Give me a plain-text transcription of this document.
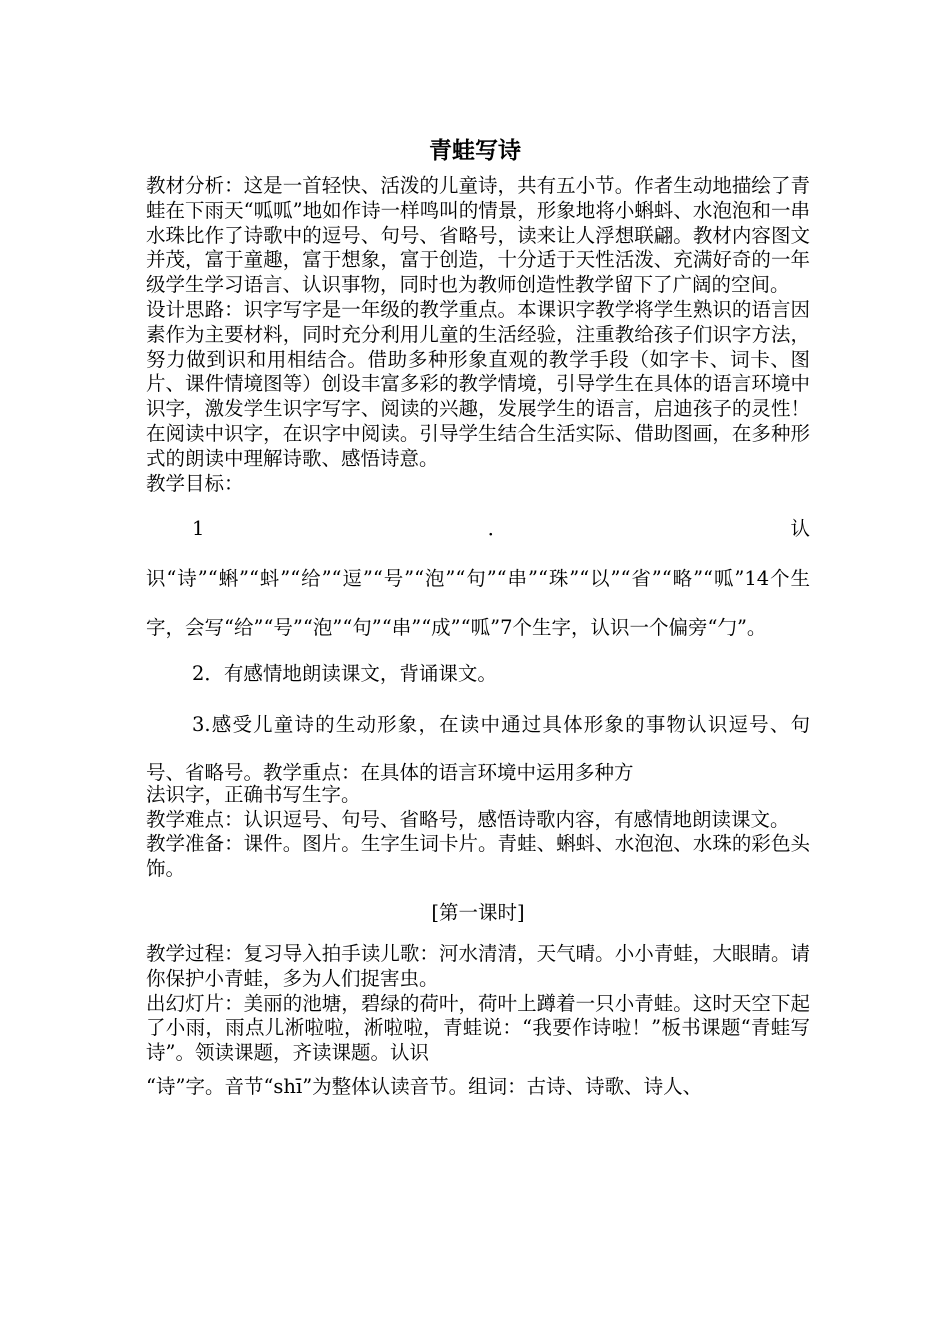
青蛙写诗

教材分析：这是一首轻快、活泼的儿童诗，共有五小节。作者生动地描绘了青蛙在下雨天“呱呱”地如作诗一样鸣叫的情景，形象地将小蝌蚪、水泡泡和一串水珠比作了诗歌中的逗号、句号、省略号，读来让人浮想联翩。教材内容图文并茂，富于童趣，富于想象，富于创造，十分适于天性活泼、充满好奇的一年级学生学习语言、认识事物，同时也为教师创造性教学留下了广阔的空间。

设计思路：识字写字是一年级的教学重点。本课识字教学将学生熟识的语言因素作为主要材料，同时充分利用儿童的生活经验，注重教给孩子们识字方法，努力做到识和用相结合。借助多种形象直观的教学手段（如字卡、词卡、图片、课件情境图等）创设丰富多彩的教学情境，引导学生在具体的语言环境中识字，激发学生识字写字、阅读的兴趣，发展学生的语言，启迪孩子的灵性！在阅读中识字，在识字中阅读。引导学生结合生活实际、借助图画，在多种形式的朗读中理解诗歌、感悟诗意。

教学目标：

1．认识“诗”“蝌”“蚪”“给”“逗”“号”“泡”“句”“串”“珠”“以”“省”“略”“呱”14个生字，会写“给”“号”“泡”“句”“串”“成”“呱”7个生字，认识一个偏旁“勹”。

2．有感情地朗读课文，背诵课文。

3.感受儿童诗的生动形象，在读中通过具体形象的事物认识逗号、句号、省略号。教学重点：在具体的语言环境中运用多种方

法识字，正确书写生字。

教学难点：认识逗号、句号、省略号，感悟诗歌内容，有感情地朗读课文。

教学准备：课件。图片。生字生词卡片。青蛙、蝌蚪、水泡泡、水珠的彩色头饰。

[第一课时]

教学过程：复习导入拍手读儿歌：河水清清，天气晴。小小青蛙，大眼睛。请你保护小青蛙，多为人们捉害虫。

出幻灯片：美丽的池塘，碧绿的荷叶，荷叶上蹲着一只小青蛙。这时天空下起了小雨，雨点儿淅啦啦，淅啦啦，青蛙说：“我要作诗啦！”板书课题“青蛙写诗”。领读课题，齐读课题。认识

“诗”字。音节“shī”为整体认读音节。组词：古诗、诗歌、诗人、
